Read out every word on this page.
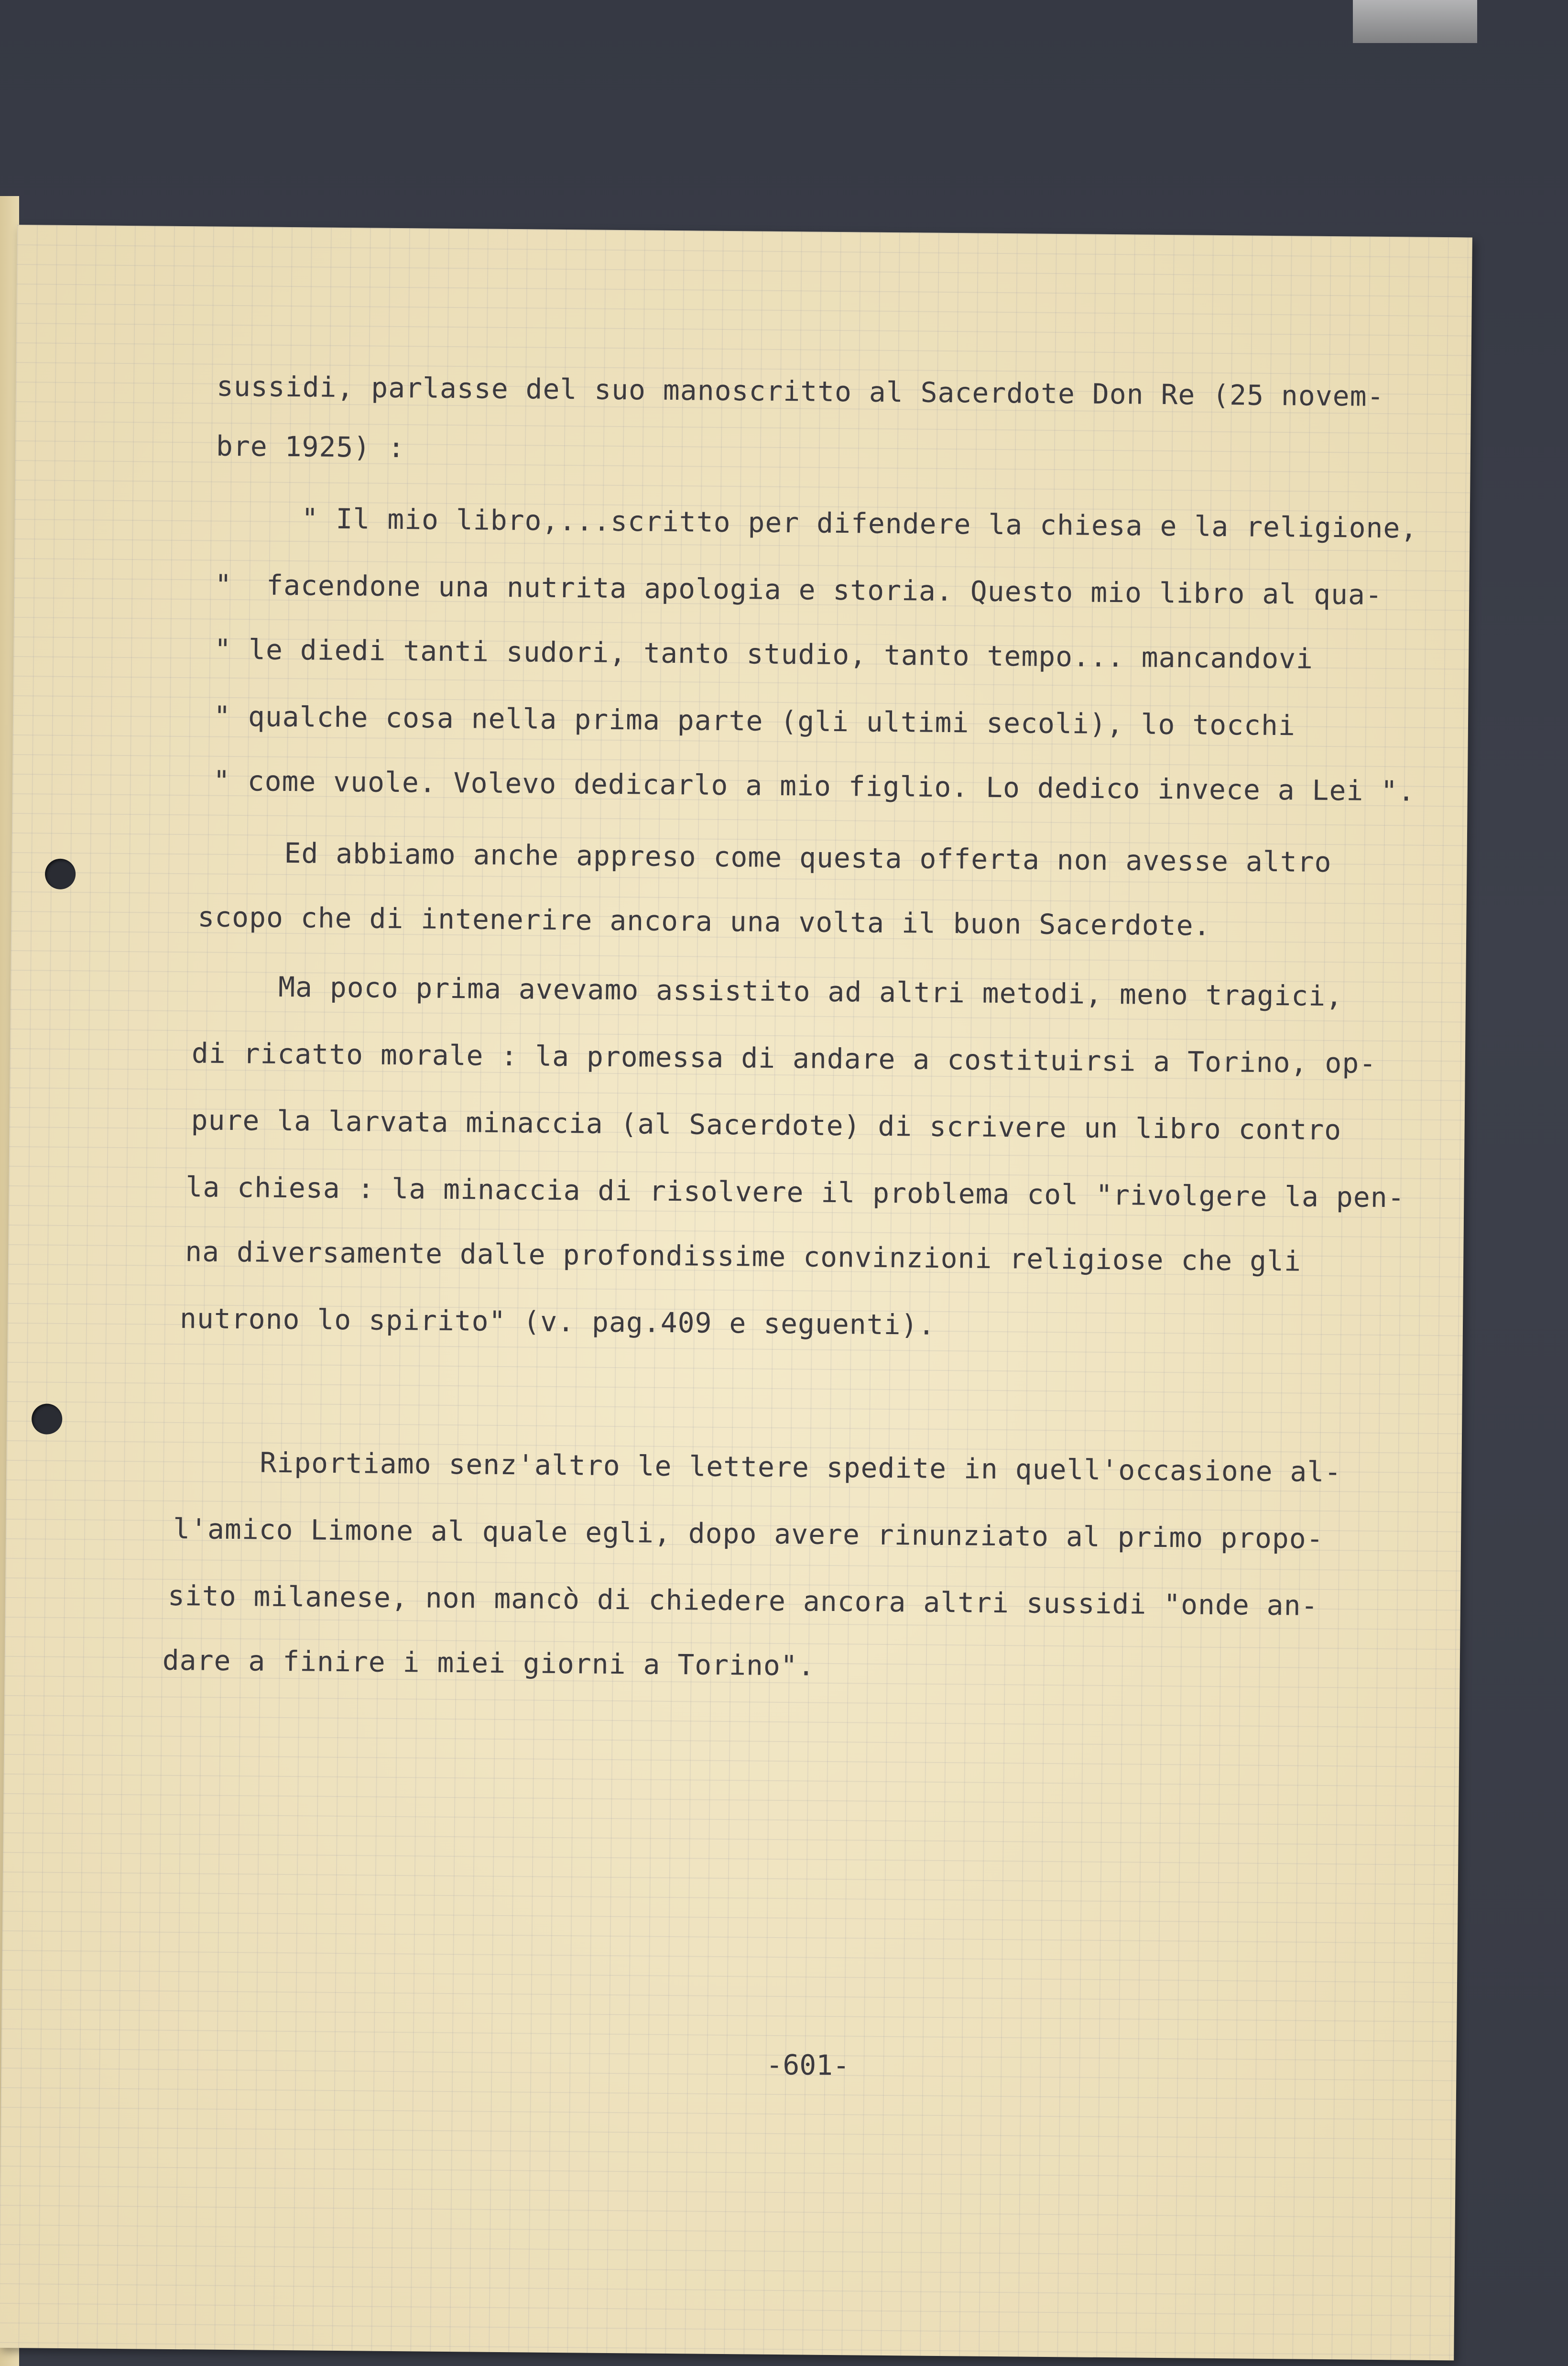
sussidi, parlasse del suo manoscritto al Sacerdote Don Re (25 novem-

bre 1925) :

" Il mio libro,...scritto per difendere la chiesa e la religione,

"  facendone una nutrita apologia e storia. Questo mio libro al qua-

" le diedi tanti sudori, tanto studio, tanto tempo... mancandovi

" qualche cosa nella prima parte (gli ultimi secoli), lo tocchi

" come vuole. Volevo dedicarlo a mio figlio. Lo dedico invece a Lei ".

Ed abbiamo anche appreso come questa offerta non avesse altro

scopo che di intenerire ancora una volta il buon Sacerdote.

Ma poco prima avevamo assistito ad altri metodi, meno tragici,

di ricatto morale : la promessa di andare a costituirsi a Torino, op-

pure la larvata minaccia (al Sacerdote) di scrivere un libro contro

la chiesa : la minaccia di risolvere il problema col "rivolgere la pen-

na diversamente dalle profondissime convinzioni religiose che gli

nutrono lo spirito" (v. pag.409 e seguenti).

Riportiamo senz'altro le lettere spedite in quell'occasione al-

l'amico Limone al quale egli, dopo avere rinunziato al primo propo-

sito milanese, non mancò di chiedere ancora altri sussidi "onde an-

dare a finire i miei giorni a Torino".

-601-
